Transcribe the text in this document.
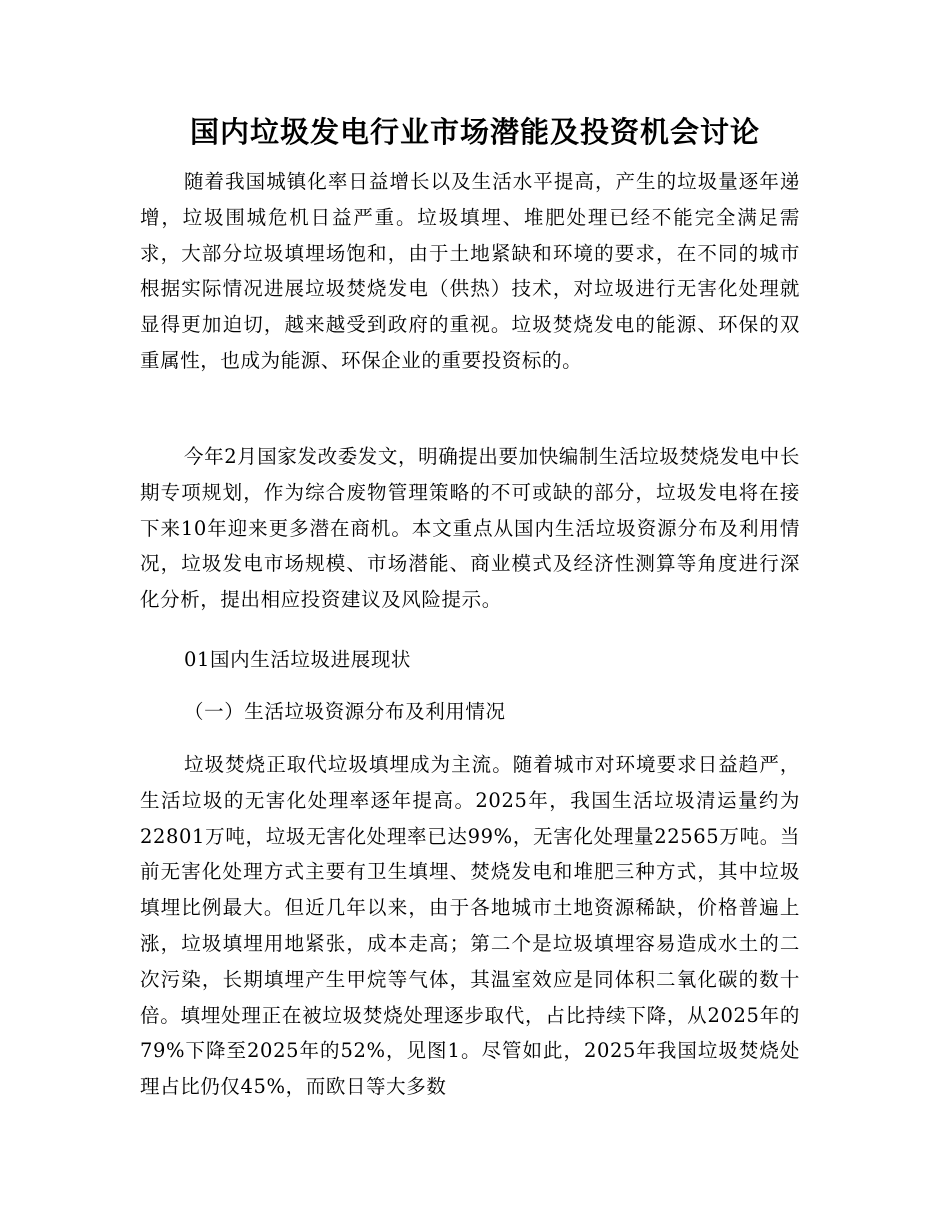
国内垃圾发电行业市场潜能及投资机会讨论

随着我国城镇化率日益增长以及生活水平提高，产生的垃圾量逐年递增，垃圾围城危机日益严重。垃圾填埋、堆肥处理已经不能完全满足需求，大部分垃圾填埋场饱和，由于土地紧缺和环境的要求，在不同的城市根据实际情况进展垃圾焚烧发电（供热）技术，对垃圾进行无害化处理就显得更加迫切，越来越受到政府的重视。垃圾焚烧发电的能源、环保的双重属性，也成为能源、环保企业的重要投资标的。

今年2月国家发改委发文，明确提出要加快编制生活垃圾焚烧发电中长期专项规划，作为综合废物管理策略的不可或缺的部分，垃圾发电将在接下来10年迎来更多潜在商机。本文重点从国内生活垃圾资源分布及利用情况，垃圾发电市场规模、市场潜能、商业模式及经济性测算等角度进行深化分析，提出相应投资建议及风险提示。

01国内生活垃圾进展现状

（一）生活垃圾资源分布及利用情况

垃圾焚烧正取代垃圾填埋成为主流。随着城市对环境要求日益趋严，生活垃圾的无害化处理率逐年提高。2025年，我国生活垃圾清运量约为22801万吨，垃圾无害化处理率已达99%，无害化处理量22565万吨。当前无害化处理方式主要有卫生填埋、焚烧发电和堆肥三种方式，其中垃圾填埋比例最大。但近几年以来，由于各地城市土地资源稀缺，价格普遍上涨，垃圾填埋用地紧张，成本走高；第二个是垃圾填埋容易造成水土的二次污染，长期填埋产生甲烷等气体，其温室效应是同体积二氧化碳的数十倍。填埋处理正在被垃圾焚烧处理逐步取代，占比持续下降，从2025年的79%下降至2025年的52%，见图1。尽管如此，2025年我国垃圾焚烧处理占比仍仅45%，而欧日等大多数
